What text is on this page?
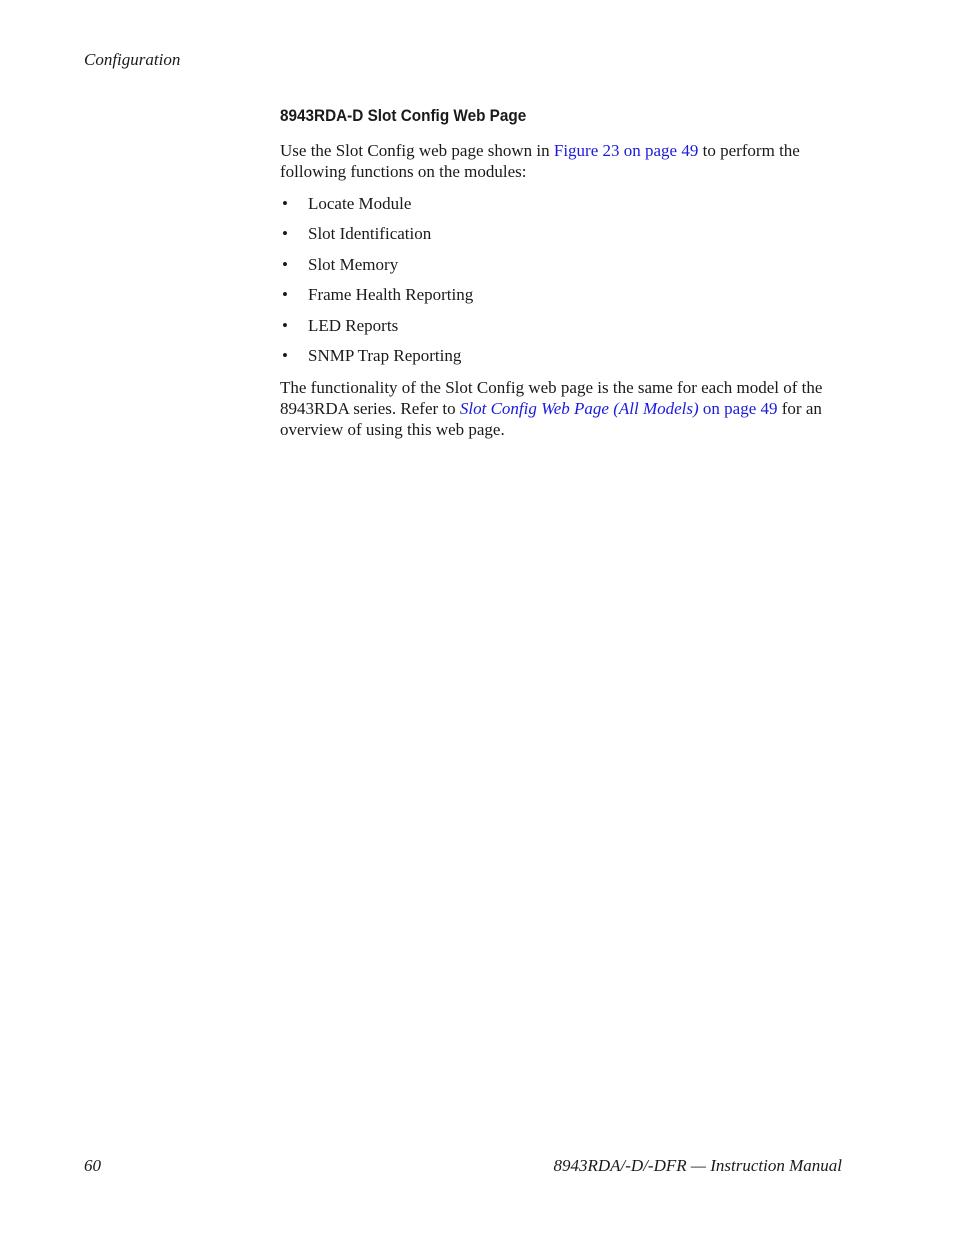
Configuration
8943RDA-D Slot Config Web Page

Use the Slot Config web page shown in Figure 23 on page 49 to perform the following functions on the modules:

• Locate Module
• Slot Identification
• Slot Memory
• Frame Health Reporting
• LED Reports
• SNMP Trap Reporting

The functionality of the Slot Config web page is the same for each model of the 8943RDA series. Refer to Slot Config Web Page (All Models) on page 49 for an overview of using this web page.

60	8943RDA/-D/-DFR — Instruction Manual
